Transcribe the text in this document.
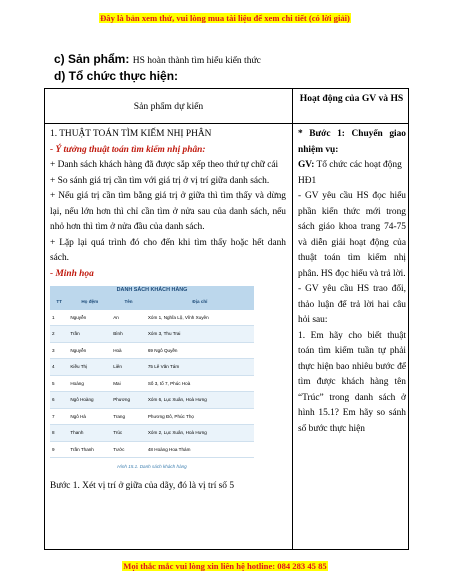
Đây là bản xem thử, vui lòng mua tài liệu để xem chi tiết (có lời giải)
c) Sản phẩm: HS hoàn thành tìm hiểu kiến thức
d) Tổ chức thực hiện:
Sản phẩm dự kiến
Hoạt động của GV và HS

1. THUẬT TOÁN TÌM KIẾM NHỊ PHÂN

- Ý tưởng thuật toán tìm kiếm nhị phân:

+ Danh sách khách hàng đã được sắp xếp theo thứ tự chữ cái

+ So sánh giá trị cần tìm với giá trị ở vị trí giữa danh sách.

+ Nếu giá trị cần tìm bằng giá trị ở giữa thì tìm thấy và dừng lại, nếu lớn hơn thì chỉ cần tìm ở nửa sau của danh sách, nếu nhỏ hơn thì tìm ở nửa đầu của danh sách.

+ Lặp lại quá trình đó cho đến khi tìm thấy hoặc hết danh sách.

- Minh họa

DANH SÁCH KHÁCH HÀNG
TT	Họ đệm	Tên	Địa chỉ
1	Nguyễn	An	Xóm 1, Nghĩa Lộ, Vĩnh Xuyên
2	Trần	Bình	Xóm 3, Thu Trai
3	Nguyễn	Hoà	69 Ngô Quyền
4	Kiều Thị	Liên	75 Lê Văn Tám
5	Hoàng	Mai	Số 3, tổ 7, Phúc Hoà
6	Ngô Hoàng	Phương	Xóm 6, Lục Xuân, Hoà Hưng
7	Ngô Hà	Trang	Phương Đô, Phúc Thọ
8	Thanh	Trúc	Xóm 2, Lục Xuân, Hoà Hưng
9	Trần Thanh	Tước	48 Hoàng Hoa Thám
Hình 15.1. Danh sách khách hàng

Bước 1. Xét vị trí ở giữa của dãy, đó là vị trí số 5

* Bước 1: Chuyển giao nhiệm vụ:

GV: Tổ chức các hoạt động

HĐ1

- GV yêu cầu HS đọc hiểu phần kiến thức mới trong sách giáo khoa trang 74-75 và diễn giải hoạt động của thuật toán tìm kiếm nhị phân. HS đọc hiểu và trả lời.

- GV yêu cầu HS trao đổi, thảo luận để trả lời hai câu hỏi sau:

1. Em hãy cho biết thuật toán tìm kiếm tuần tự phải thực hiện bao nhiêu bước để tìm được khách hàng tên “Trúc” trong danh sách ở hình 15.1? Em hãy so sánh số bước thực hiện

Mọi thắc mắc vui lòng xin liên hệ hotline: 084 283 45 85
